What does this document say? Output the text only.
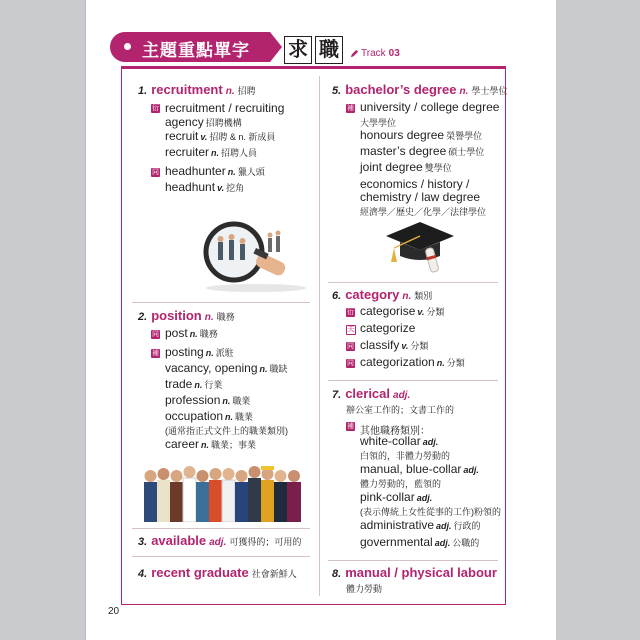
主題重點單字 求 職	Track 03
1. recruitment n. 招聘
衍 recruitment / recruiting
agency 招聘機構
recruit v. 招聘 & n. 新成員
recruiter n. 招聘人員
同 headhunter n. 獵人頭
headhunt v. 挖角
2. position n. 職務
同 post n. 職務
補 posting n. 派駐
vacancy, opening n. 職缺
trade n. 行業
profession n. 職業
occupation n. 職業
(通常指正式文件上的職業類別)
career n. 職業；事業
3. available adj. 可獲得的；可用的
4. recent graduate 社會新鮮人
5. bachelor’s degree n. 學士學位
補 university / college degree
大學學位
honours degree 榮譽學位
master’s degree 碩士學位
joint degree 雙學位
economics / history /
chemistry / law degree
經濟學／歷史／化學／法律學位
6. category n. 類別
衍 categorise v. 分類
关 categorize
同 classify v. 分類
同 categorization n. 分類
7. clerical adj.
辦公室工作的；文書工作的
補 其他職務類別：
white-collar adj.
白領的，非體力勞動的
manual, blue-collar adj.
體力勞動的，藍領的
pink-collar adj.
(表示傳統上女性從事的工作)粉領的
administrative adj. 行政的
governmental adj. 公職的
8. manual / physical labour
體力勞動
20
